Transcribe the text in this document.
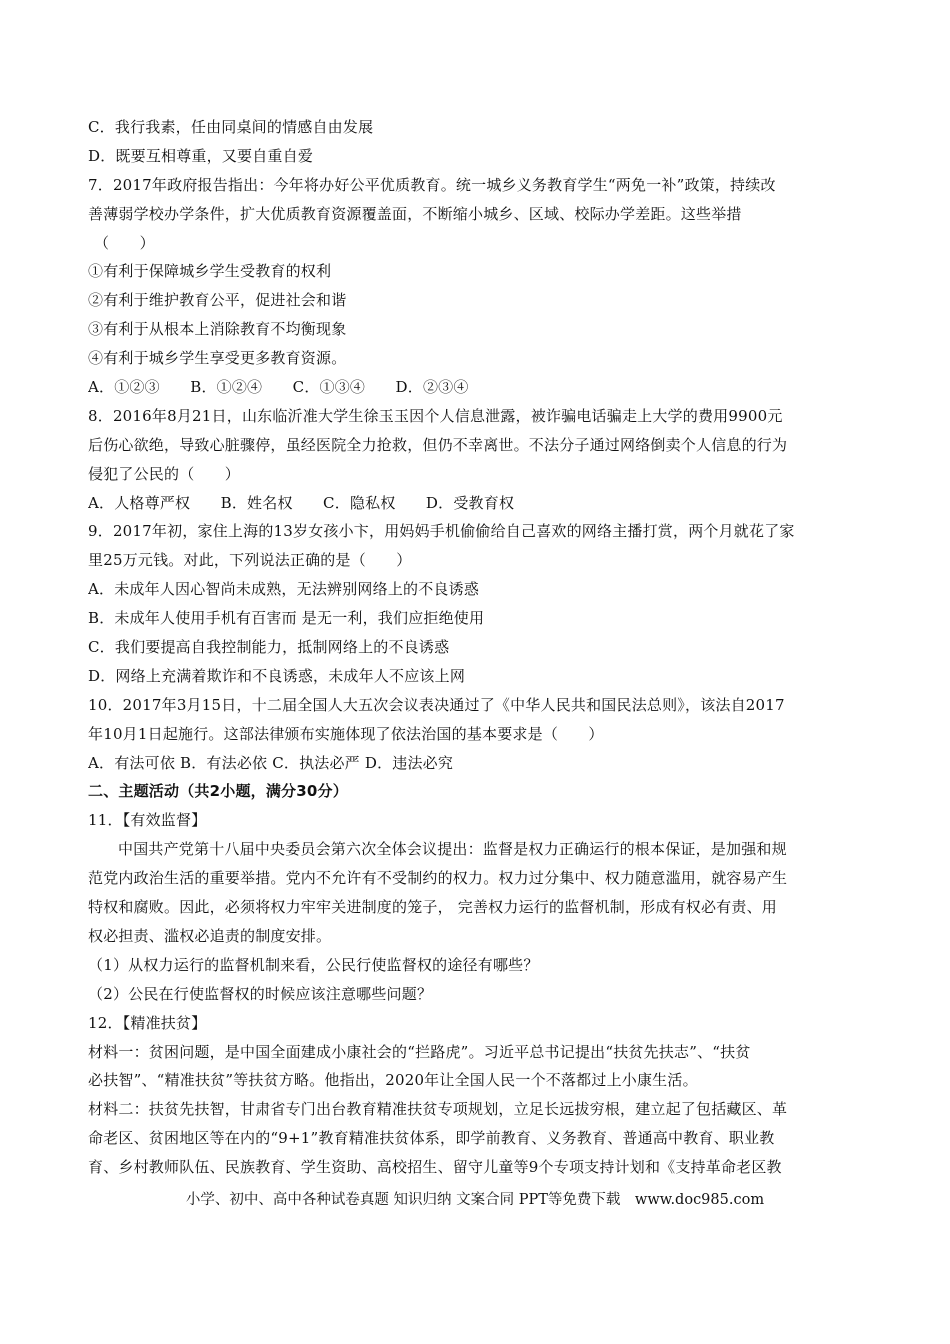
C．我行我素，任由同桌间的情感自由发展
D．既要互相尊重，又要自重自爱
7．2017年政府报告指出：今年将办好公平优质教育。统一城乡义务教育学生“两免一补”政策，持续改
善薄弱学校办学条件，扩大优质教育资源覆盖面，不断缩小城乡、区域、校际办学差距。这些举措
（　　）
①有利于保障城乡学生受教育的权利
②有利于维护教育公平，促进社会和谐
③有利于从根本上消除教育不均衡现象
④有利于城乡学生享受更多教育资源。
A．①②③　　B．①②④　　C．①③④　　D．②③④
8．2016年8月21日，山东临沂准大学生徐玉玉因个人信息泄露，被诈骗电话骗走上大学的费用9900元
后伤心欲绝，导致心脏骤停，虽经医院全力抢救，但仍不幸离世。不法分子通过网络倒卖个人信息的行为
侵犯了公民的（　　）
A．人格尊严权　　B．姓名权　　C．隐私权　　D．受教育权
9．2017年初，家住上海的13岁女孩小卞，用妈妈手机偷偷给自己喜欢的网络主播打赏，两个月就花了家
里25万元钱。对此，下列说法正确的是（　　）
A．未成年人因心智尚未成熟，无法辨别网络上的不良诱惑
B．未成年人使用手机有百害而 是无一利，我们应拒绝使用
C．我们要提高自我控制能力，抵制网络上的不良诱惑
D．网络上充满着欺诈和不良诱惑，未成年人不应该上网
10．2017年3月15日，十二届全国人大五次会议表决通过了《中华人民共和国民法总则》，该法自2017
年10月1日起施行。这部法律颁布实施体现了依法治国的基本要求是（　　）
A．有法可依 B．有法必依 C．执法必严 D．违法必究
二、主题活动（共2小题，满分30分）
11．【有效监督】
中国共产党第十八届中央委员会第六次全体会议提出：监督是权力正确运行的根本保证，是加强和规
范党内政治生活的重要举措。党内不允许有不受制约的权力。权力过分集中、权力随意滥用，就容易产生
特权和腐败。因此，必须将权力牢牢关进制度的笼子， 完善权力运行的监督机制，形成有权必有责、用
权必担责、滥权必追责的制度安排。
（1）从权力运行的监督机制来看，公民行使监督权的途径有哪些？
（2）公民在行使监督权的时候应该注意哪些问题？
12．【精准扶贫】
材料一：贫困问题，是中国全面建成小康社会的“拦路虎”。习近平总书记提出“扶贫先扶志”、“扶贫
必扶智”、“精准扶贫”等扶贫方略。他指出，2020年让全国人民一个不落都过上小康生活。
材料二：扶贫先扶智，甘肃省专门出台教育精准扶贫专项规划，立足长远拔穷根，建立起了包括藏区、革
命老区、贫困地区等在内的“9+1”教育精准扶贫体系，即学前教育、义务教育、普通高中教育、职业教
育、乡村教师队伍、民族教育、学生资助、高校招生、留守儿童等9个专项支持计划和《支持革命老区教
小学、初中、高中各种试卷真题 知识归纳 文案合同 PPT等免费下载　www.doc985.com
